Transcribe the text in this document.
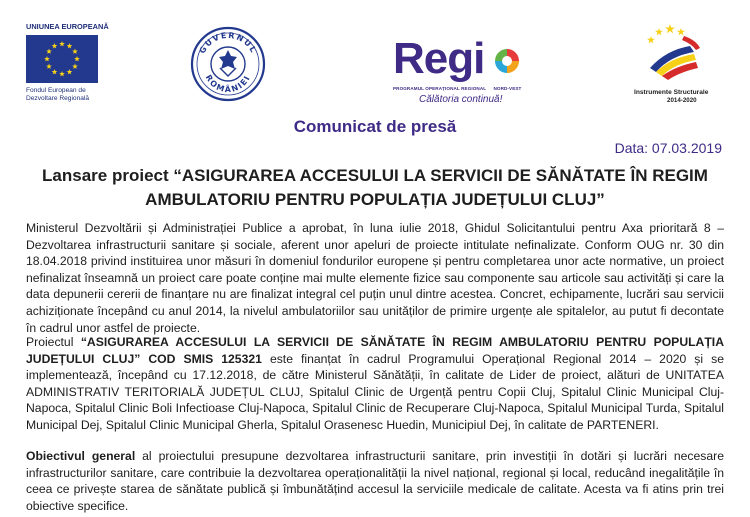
UNIUNEA EUROPEANĂ
Fondul European de
Dezvoltare Regională
GUVERNUL
ROMÂNIEI	Regi
PROGRAMUL OPERAȚIONAL REGIONAL NORD-VEST
Călătoria continuă!
Instrumente Structurale
2014-2020
Comunicat de presă
Data: 07.03.2019
Lansare proiect “ASIGURAREA ACCESULUI LA SERVICII DE SĂNĂTATE ÎN REGIM AMBULATORIU PENTRU POPULAȚIA JUDEȚULUI CLUJ”

Ministerul Dezvoltării și Administrației Publice a aprobat, în luna iulie 2018, Ghidul Solicitantului pentru Axa prioritară 8 – Dezvoltarea infrastructurii sanitare și sociale, aferent unor apeluri de proiecte intitulate nefinalizate. Conform OUG nr. 30 din 18.04.2018 privind instituirea unor măsuri în domeniul fondurilor europene și pentru completarea unor acte normative, un proiect nefinalizat înseamnă un proiect care poate conține mai multe elemente fizice sau componente sau articole sau activități și care la data depunerii cererii de finanțare nu are finalizat integral cel puțin unul dintre acestea. Concret, echipamente, lucrări sau servicii achiziționate începând cu anul 2014, la nivelul ambulatoriilor sau unităților de primire urgențe ale spitalelor, au putut fi decontate în cadrul unor astfel de proiecte.

Proiectul “ASIGURAREA ACCESULUI LA SERVICII DE SĂNĂTATE ÎN REGIM AMBULATORIU PENTRU POPULAȚIA JUDEȚULUI CLUJ” COD SMIS 125321 este finanțat în cadrul Programului Operațional Regional 2014 – 2020 și se implementează, începând cu 17.12.2018, de către Ministerul Sănătății, în calitate de Lider de proiect, alături de UNITATEA ADMINISTRATIV TERITORIALĂ JUDEȚUL CLUJ, Spitalul Clinic de Urgență pentru Copii Cluj, Spitalul Clinic Municipal Cluj-Napoca, Spitalul Clinic Boli Infectioase Cluj-Napoca, Spitalul Clinic de Recuperare Cluj-Napoca, Spitalul Municipal Turda, Spitalul Municipal Dej, Spitalul Clinic Municipal Gherla, Spitalul Orasenesc Huedin, Municipiul Dej, în calitate de PARTENERI.

Obiectivul general al proiectului presupune dezvoltarea infrastructurii sanitare, prin investiții în dotări și lucrări necesare infrastructurilor sanitare, care contribuie la dezvoltarea operaționalității la nivel național, regional și local, reducând inegalitățile în ceea ce privește starea de sănătate publică și îmbunătățind accesul la serviciile medicale de calitate. Acesta va fi atins prin trei obiective specifice.
